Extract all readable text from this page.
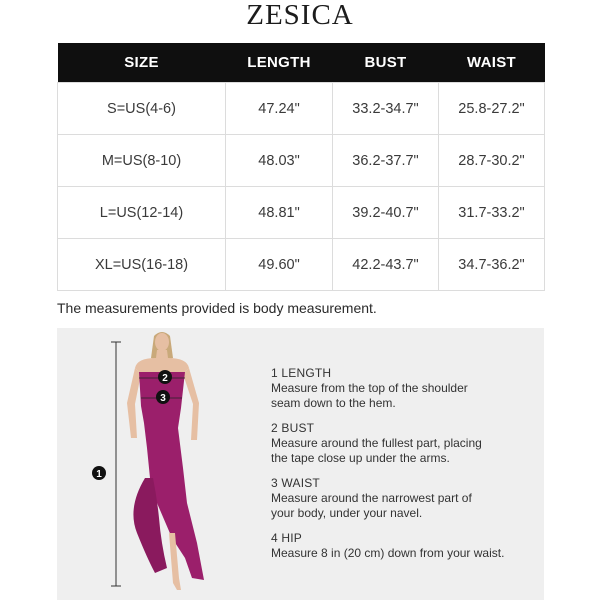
ZESICA
SIZE	LENGTH	BUST	WAIST
S=US(4-6)	47.24"	33.2-34.7"	25.8-27.2"
M=US(8-10)	48.03"	36.2-37.7"	28.7-30.2"
L=US(12-14)	48.81"	39.2-40.7"	31.7-33.2"
XL=US(16-18)	49.60"	42.2-43.7"	34.7-36.2"
The measurements provided is body measurement.
1
2
3
1 LENGTH
Measure from the top of the shoulder
seam down to the hem.
2 BUST
Measure around the fullest part, placing
the tape close up under the arms.
3 WAIST
Measure around the narrowest part of
your body, under your navel.
4 HIP
Measure 8 in (20 cm) down from your waist.
